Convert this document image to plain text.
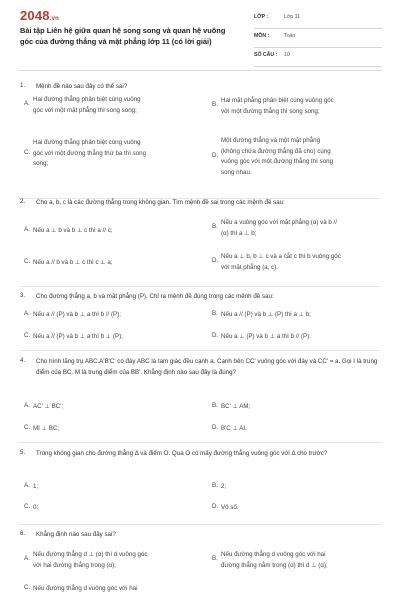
2048.vn
Bài tập Liên hệ giữa quan hệ song song và quan hệ vuông
góc của đường thẳng và mặt phẳng lớp 11 (có lời giải)
LỚP :	Lớp 11
MÔN :	Toán
SỐ CÂU : 10
1. Mệnh đề nào sau đây có thể sai?
A.
Hai đường thẳng phân biệt cùng vuông
góc với một mặt phẳng thì song song;
B.
Hai mặt phẳng phân biệt cùng vuông góc
với một đường thẳng thì song song;
C.
Hai đường thẳng phân biệt cùng vuông
góc với một đường thẳng thứ ba thì song
song;
D.
Một đường thẳng và một mặt phẳng
(không chứa đường thẳng đã cho) cùng
vuông góc với một đường thẳng thì song
song nhau.
2. Cho a, b, c là các đường thẳng trong không gian. Tìm mệnh đề sai trong các mệnh đề sau:
A. Nếu a ⊥ b và b ⊥ c thì a // c;
B.
Nếu a vuông góc với mặt phẳng (α) và b //
(α) thì a ⊥ b;
C. Nếu a // b và b ⊥ c thì c ⊥ a;	D.
Nếu a ⊥ b, b ⊥ c và a cắt c thì b vuông góc
với mặt phẳng (a, c).
3. Cho đường thẳng a, b và mặt phẳng (P). Chỉ ra mệnh đề đúng trong các mệnh đề sau:
A. Nếu a // (P) và b ⊥ a thì b // (P);	B. Nếu a // (P) và b ⊥ (P) thì a ⊥ b;
C. Nếu a // (P) và b ⊥ a thì b ⊥ (P);	D. Nếu a ⊥ (P) và b ⊥ a thì b // (P).
4. Cho hình lăng trụ ABC.A'B'C' có đáy ABC là tam giác đều cạnh a. Cạnh bên CC' vuông góc với đáy và CC' = a. Gọi I là trung điểm của BC. M là trung điểm của BB'. Khẳng định nào sau đây là đúng?
A. AC' ⊥ BC';	B. BC' ⊥ AM;
C. MI ⊥ BC;	D. B'C ⊥ AI.
5. Trong không gian cho đường thẳng Δ và điểm O. Qua O có mấy đường thẳng vuông góc với Δ cho trước?
A. 1;	B. 2;
C. 0;	D. Vô số.
6. Khẳng định nào sau đây sai?
A.
Nếu đường thẳng d ⊥ (α) thì d vuông góc
với hai đường thẳng trong (α);
B.
Nếu đường thẳng d vuông góc với hai
đường thẳng nằm trong (α) thì d ⊥ (α);
C. Nếu đường thẳng d vuông góc với hai
